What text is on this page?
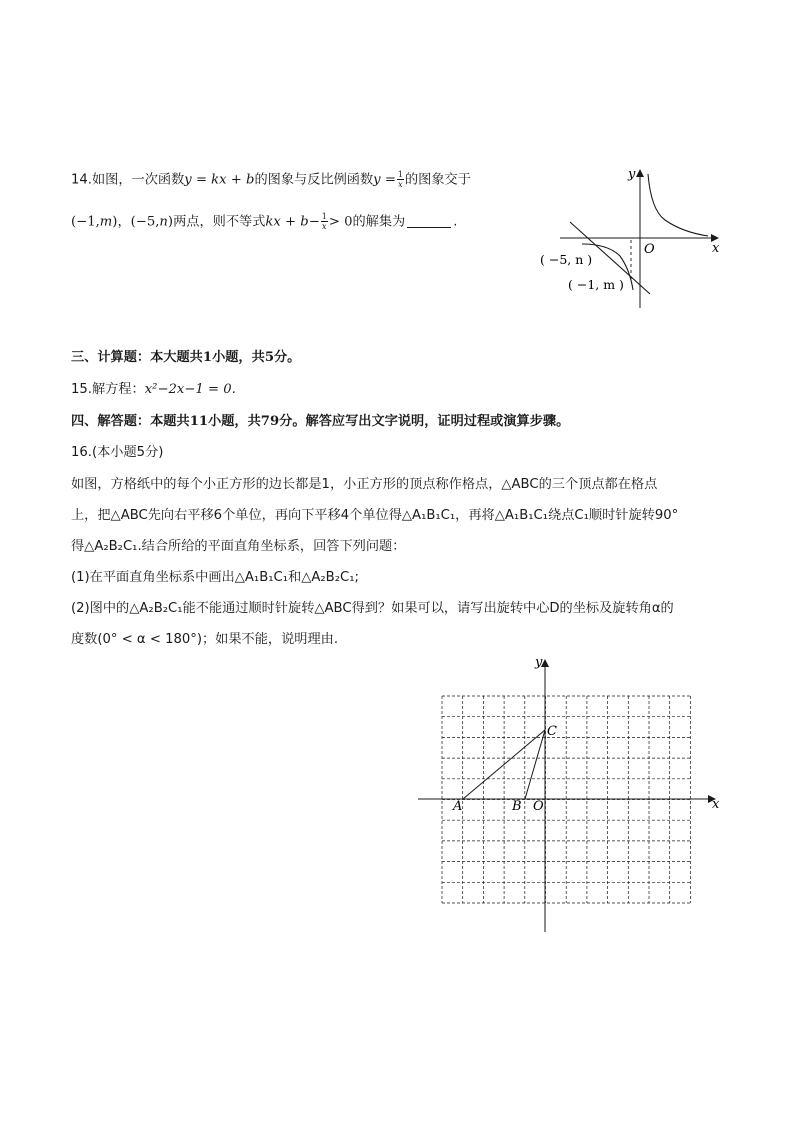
14.如图，一次函数y = kx + b的图象与反比例函数$y = \frac{1}{x}$ 的图象交于
(−1,m)，(−5,n)两点，则不等式kx + $b- \frac{1}{x} > 0$的解集为	.
y
x
O
( −5, n )
( −1, m )
三、计算题：本大题共1小题，共5分。
15.解方程：x²−2x−1 = 0.
四、解答题：本题共11小题，共79分。解答应写出文字说明，证明过程或演算步骤。
16.(本小题5分)
如图，方格纸中的每个小正方形的边长都是1，小正方形的顶点称作格点，△ABC的三个顶点都在格点
上，把△ABC先向右平移6个单位，再向下平移4个单位得△A₁B₁C₁，再将△A₁B₁C₁绕点C₁顺时针旋转90°
得△A₂B₂C₁.结合所给的平面直角坐标系，回答下列问题：
(1)在平面直角坐标系中画出△A₁B₁C₁和△A₂B₂C₁;
(2)图中的△A₂B₂C₁能不能通过顺时针旋转△ABC得到？如果可以，请写出旋转中心D的坐标及旋转角α的
度数(0° < α < 180°)；如果不能，说明理由.
y
x
C
A	B O
